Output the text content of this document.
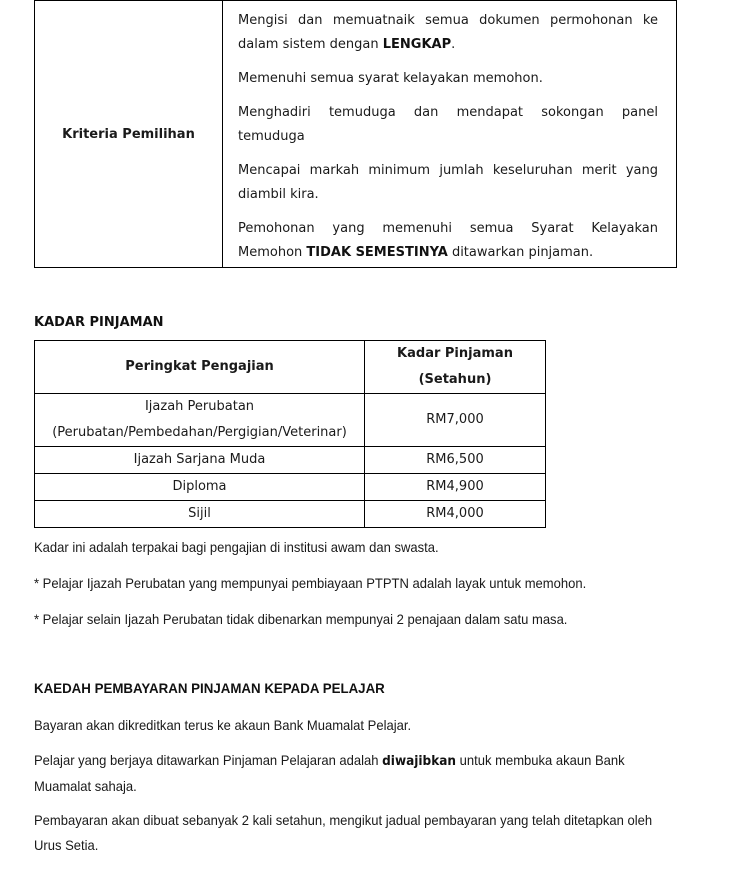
Kriteria Pemilihan	

Mengisi dan memuatnaik semua dokumen permohonan ke dalam sistem dengan LENGKAP.

Memenuhi semua syarat kelayakan memohon.

Menghadiri temuduga dan mendapat sokongan panel temuduga

Mencapai markah minimum jumlah keseluruhan merit yang diambil kira.

Pemohonan yang memenuhi semua Syarat Kelayakan Memohon TIDAK SEMESTINYA ditawarkan pinjaman.

KADAR PINJAMAN
Peringkat Pengajian	Kadar Pinjaman
(Setahun)

Ijazah Perubatan
(Perubatan/Pembedahan/Pergigian/Veterinar)	RM7,000
Ijazah Sarjana Muda	RM6,500
Diploma	RM4,900
Sijil	RM4,000
Kadar ini adalah terpakai bagi pengajian di institusi awam dan swasta.
* Pelajar Ijazah Perubatan yang mempunyai pembiayaan PTPTN adalah layak untuk memohon.
* Pelajar selain Ijazah Perubatan tidak dibenarkan mempunyai 2 penajaan dalam satu masa.
KAEDAH PEMBAYARAN PINJAMAN KEPADA PELAJAR
Bayaran akan dikreditkan terus ke akaun Bank Muamalat Pelajar.
Pelajar yang berjaya ditawarkan Pinjaman Pelajaran adalah diwajibkan untuk membuka akaun Bank Muamalat sahaja.
Pembayaran akan dibuat sebanyak 2 kali setahun, mengikut jadual pembayaran yang telah ditetapkan oleh Urus Setia.
